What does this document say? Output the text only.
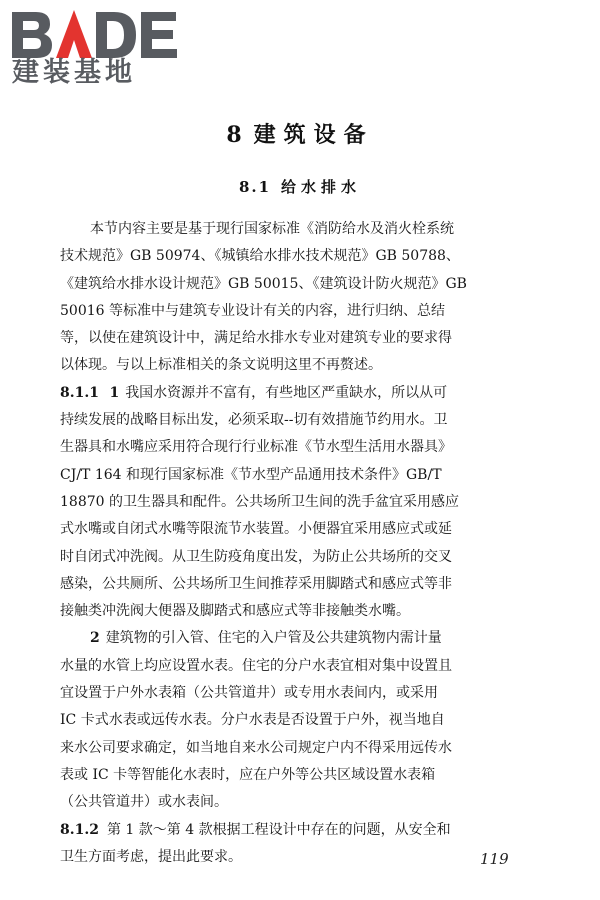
建装基地
8 建筑设备
8.1 给水排水
本节内容主要是基于现行国家标准《消防给水及消火栓系统
技术规范》GB 50974、《城镇给水排水技术规范》GB 50788、
《建筑给水排水设计规范》GB 50015、《建筑设计防火规范》GB
50016 等标准中与建筑专业设计有关的内容，进行归纳、总结
等，以使在建筑设计中，满足给水排水专业对建筑专业的要求得
以体现。与以上标准相关的条文说明这里不再赘述。
8.1.1 1 我国水资源并不富有，有些地区严重缺水，所以从可
持续发展的战略目标出发，必须采取--切有效措施节约用水。卫
生器具和水嘴应采用符合现行行业标准《节水型生活用水器具》
CJ/T 164 和现行国家标准《节水型产品通用技术条件》GB/T
18870 的卫生器具和配件。公共场所卫生间的洗手盆宜采用感应
式水嘴或自闭式水嘴等限流节水装置。小便器宜采用感应式或延
时自闭式冲洗阀。从卫生防疫角度出发，为防止公共场所的交叉
感染，公共厕所、公共场所卫生间推荐采用脚踏式和感应式等非
接触类冲洗阀大便器及脚踏式和感应式等非接触类水嘴。
2 建筑物的引入管、住宅的入户管及公共建筑物内需计量
水量的水管上均应设置水表。住宅的分户水表宜相对集中设置且
宜设置于户外水表箱（公共管道井）或专用水表间内，或采用
IC 卡式水表或远传水表。分户水表是否设置于户外，视当地自
来水公司要求确定，如当地自来水公司规定户内不得采用远传水
表或 IC 卡等智能化水表时，应在户外等公共区域设置水表箱
（公共管道井）或水表间。
8.1.2 第 1 款～第 4 款根据工程设计中存在的问题，从安全和
卫生方面考虑，提出此要求。	119
